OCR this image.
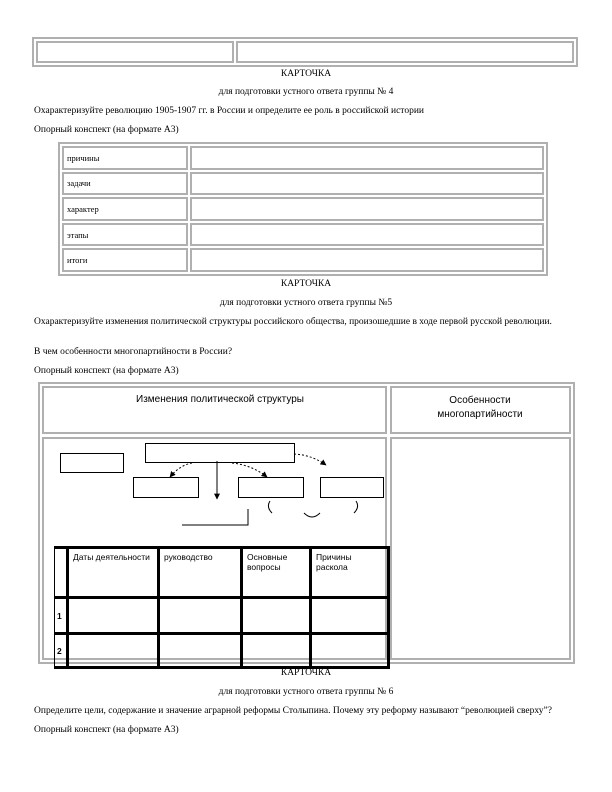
КАРТОЧКА
для подготовки устного ответа группы № 4
Охарактеризуйте революцию 1905-1907 гг. в России и определите ее роль в российской истории
Опорный конспект (на формате А3)
причины	
задачи	
характер	
этапы	
итоги	
КАРТОЧКА
для подготовки устного ответа группы №5
Охарактеризуйте изменения политической структуры российского общества, произошедшие в ходе первой русской революции.
В чем особенности многопартийности в России?
Опорный конспект (на формате А3)
Изменения политической структуры	Особенности многопартийности
	Даты деятельности	руководство	Основные вопросы	Причины раскола
1				
2				
КАРТОЧКА
для подготовки устного ответа группы № 6
Определите цели, содержание и значение аграрной реформы Столыпина. Почему эту реформу называют “революцией сверху”?
Опорный конспект (на формате А3)
